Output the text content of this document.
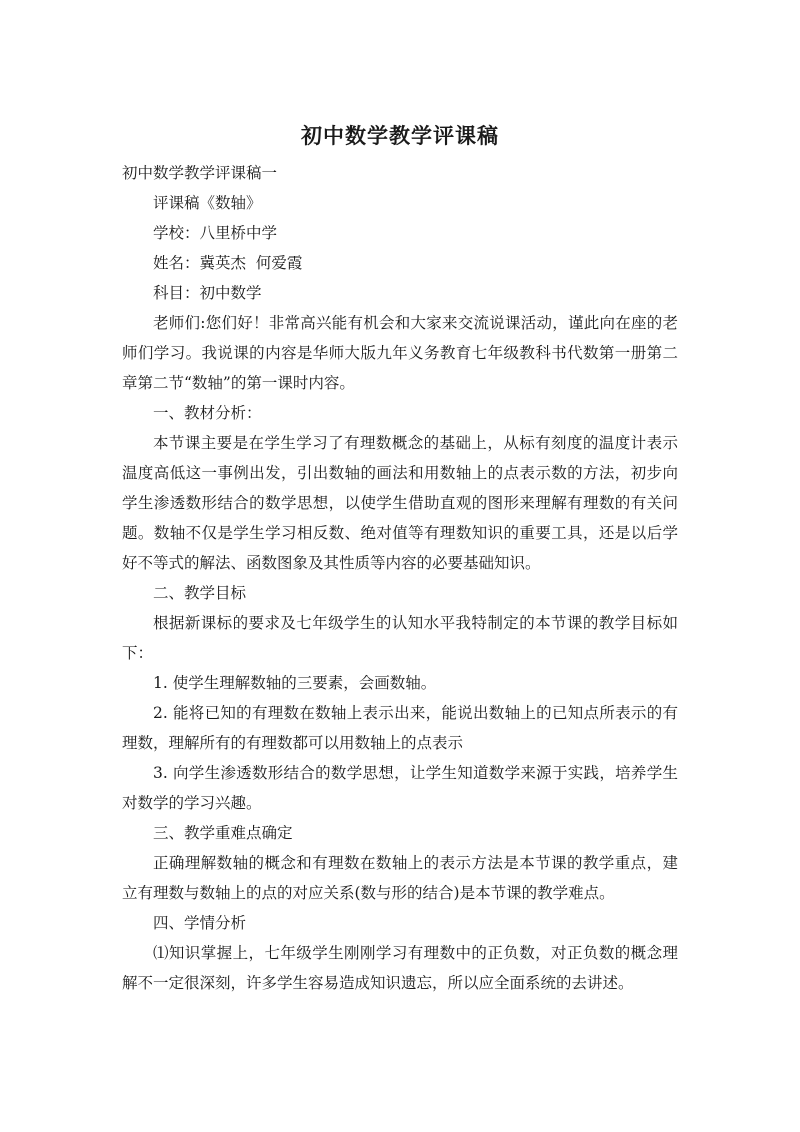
初中数学教学评课稿

初中数学教学评课稿一

评课稿《数轴》

学校：八里桥中学

姓名：冀英杰  何爱霞

科目：初中数学

老师们:您们好！非常高兴能有机会和大家来交流说课活动，谨此向在座的老师们学习。我说课的内容是华师大版九年义务教育七年级教科书代数第一册第二章第二节“数轴”的第一课时内容。

一、教材分析：

本节课主要是在学生学习了有理数概念的基础上，从标有刻度的温度计表示温度高低这一事例出发，引出数轴的画法和用数轴上的点表示数的方法，初步向学生渗透数形结合的数学思想，以使学生借助直观的图形来理解有理数的有关问题。数轴不仅是学生学习相反数、绝对值等有理数知识的重要工具，还是以后学好不等式的解法、函数图象及其性质等内容的必要基础知识。

二、教学目标

根据新课标的要求及七年级学生的认知水平我特制定的本节课的教学目标如下：

1. 使学生理解数轴的三要素，会画数轴。

2. 能将已知的有理数在数轴上表示出来，能说出数轴上的已知点所表示的有理数，理解所有的有理数都可以用数轴上的点表示

3. 向学生渗透数形结合的数学思想，让学生知道数学来源于实践，培养学生对数学的学习兴趣。

三、教学重难点确定

正确理解数轴的概念和有理数在数轴上的表示方法是本节课的教学重点，建立有理数与数轴上的点的对应关系(数与形的结合)是本节课的教学难点。

四、学情分析

⑴知识掌握上，七年级学生刚刚学习有理数中的正负数，对正负数的概念理解不一定很深刻，许多学生容易造成知识遗忘，所以应全面系统的去讲述。
